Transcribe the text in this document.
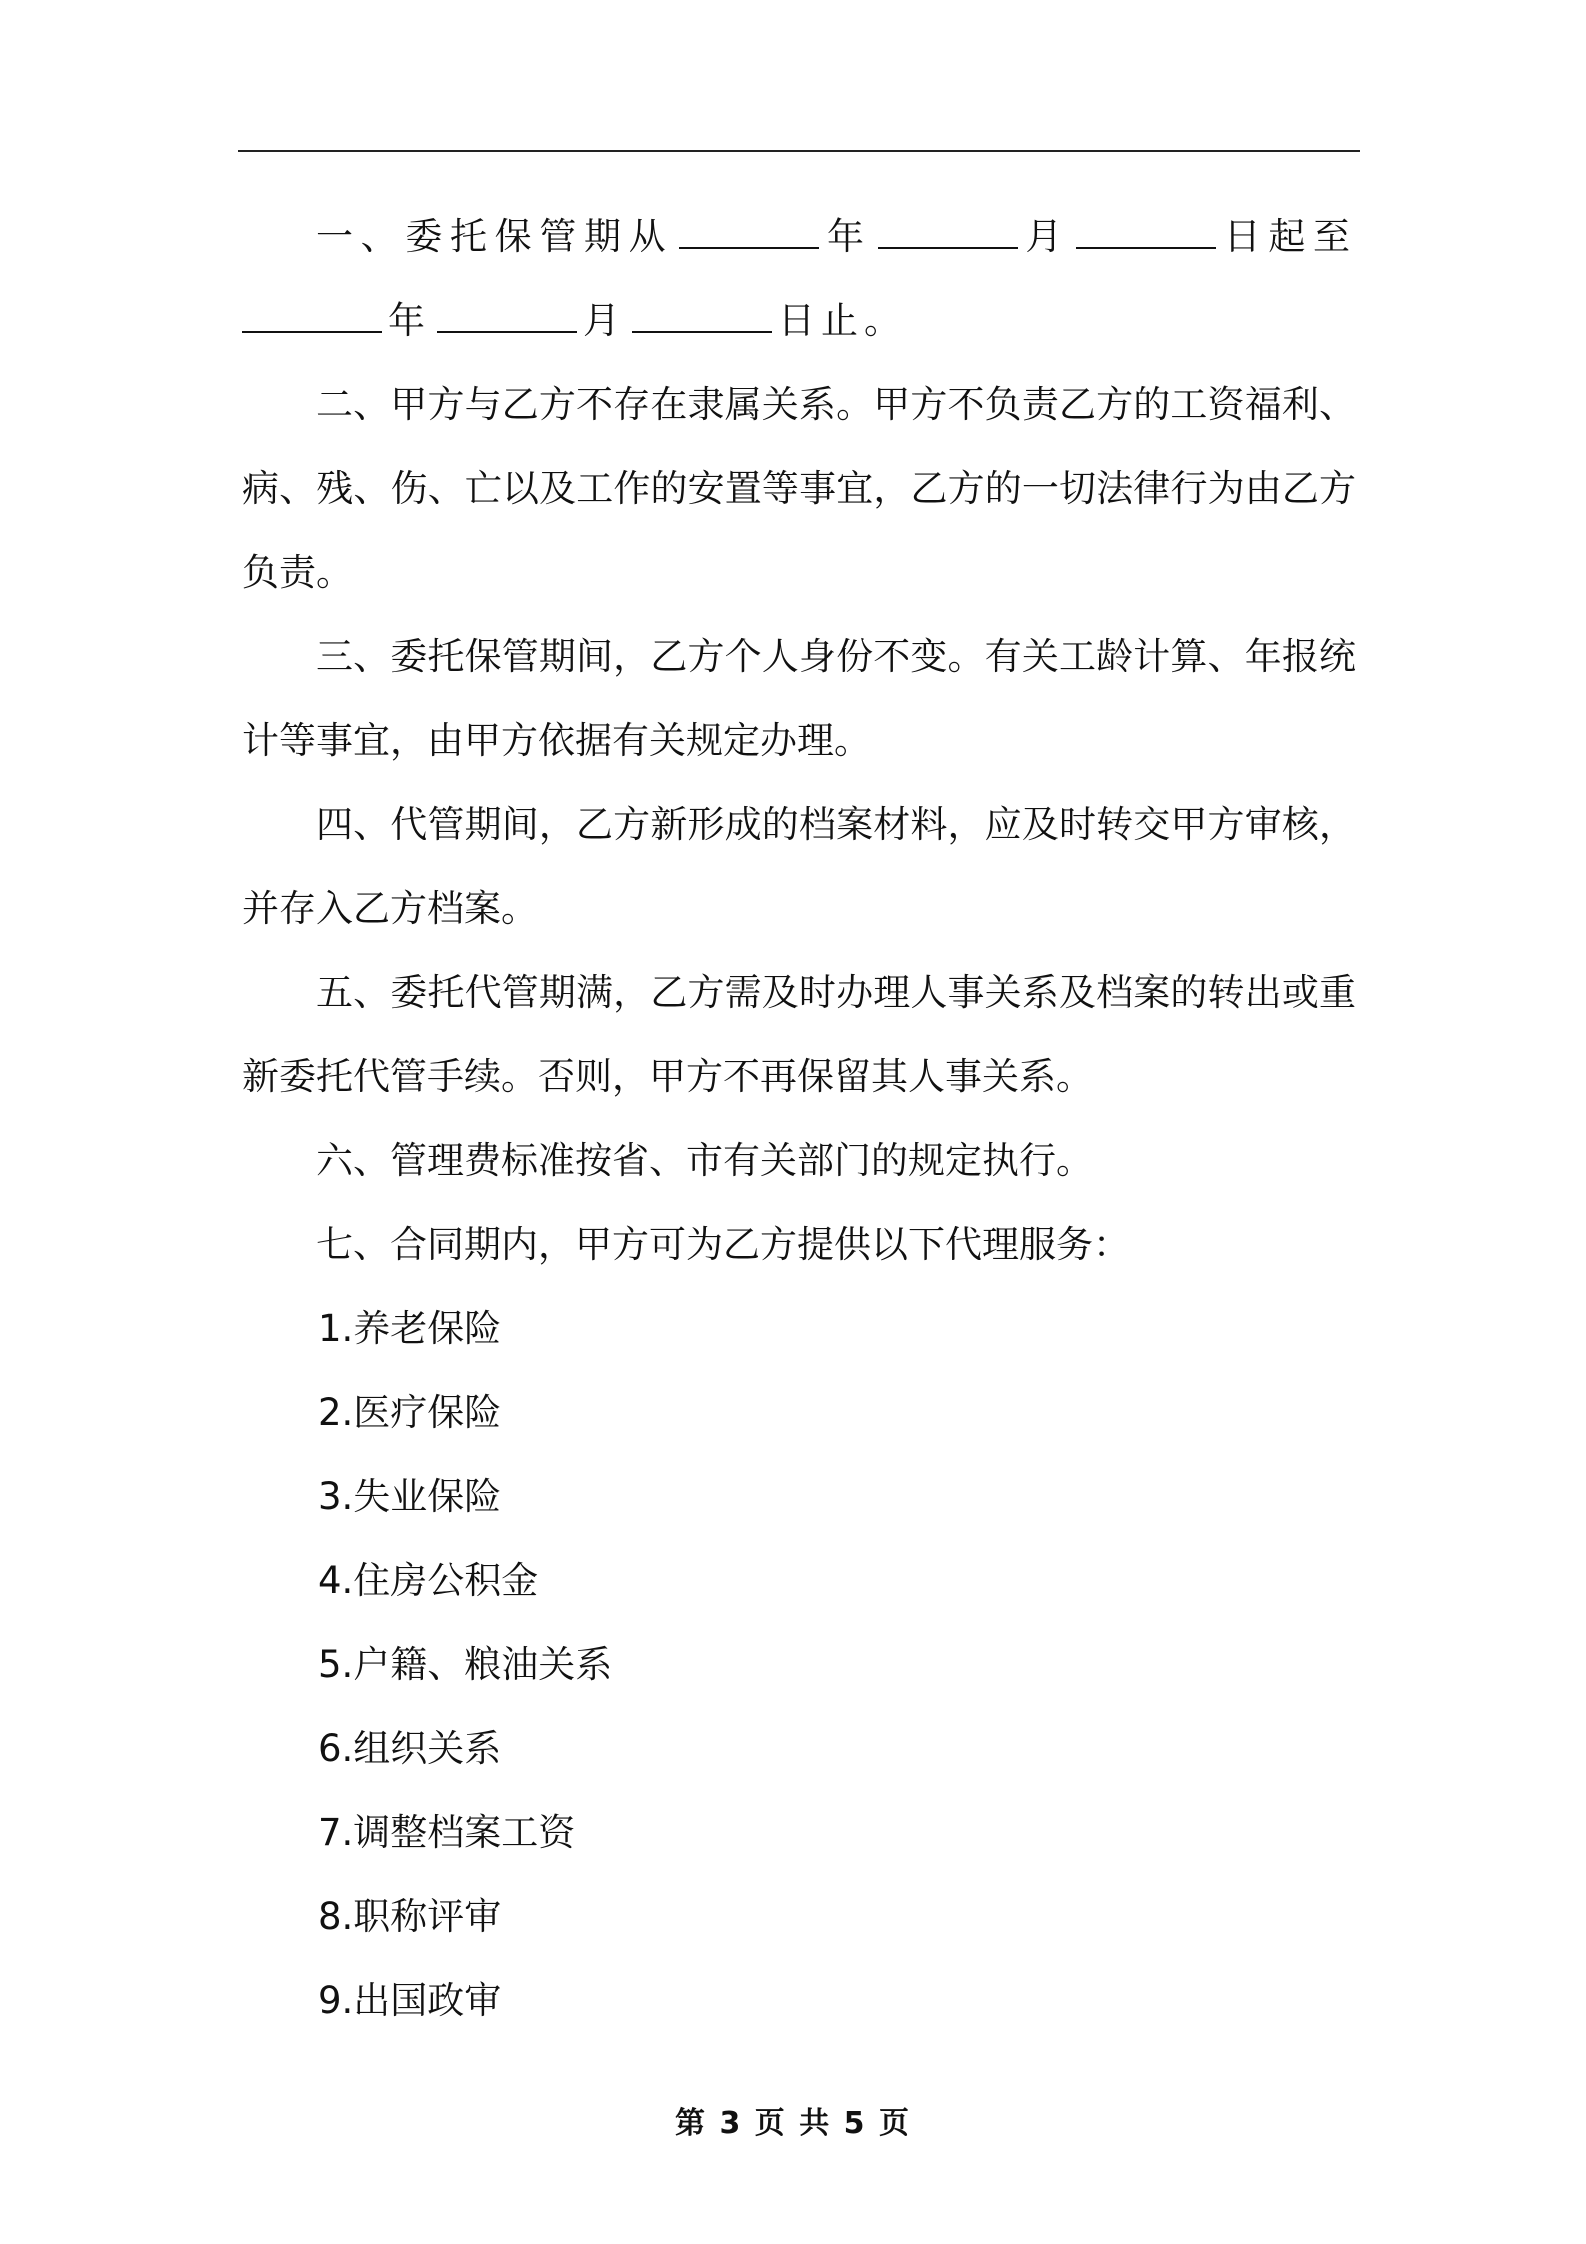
一、委托保管期从	年	月	日起至年	月	日止。

二、甲方与乙方不存在隶属关系。甲方不负责乙方的工资福利、病、残、伤、亡以及工作的安置等事宜，乙方的一切法律行为由乙方负责。

三、委托保管期间，乙方个人身份不变。有关工龄计算、年报统计等事宜，由甲方依据有关规定办理。

四、代管期间，乙方新形成的档案材料，应及时转交甲方审核，并存入乙方档案。

五、委托代管期满，乙方需及时办理人事关系及档案的转出或重新委托代管手续。否则，甲方不再保留其人事关系。

六、管理费标准按省、市有关部门的规定执行。

七、合同期内，甲方可为乙方提供以下代理服务：

1.养老保险

2.医疗保险

3.失业保险

4.住房公积金

5.户籍、粮油关系

6.组织关系

7.调整档案工资

8.职称评审

9.出国政审

第 3 页 共 5 页
